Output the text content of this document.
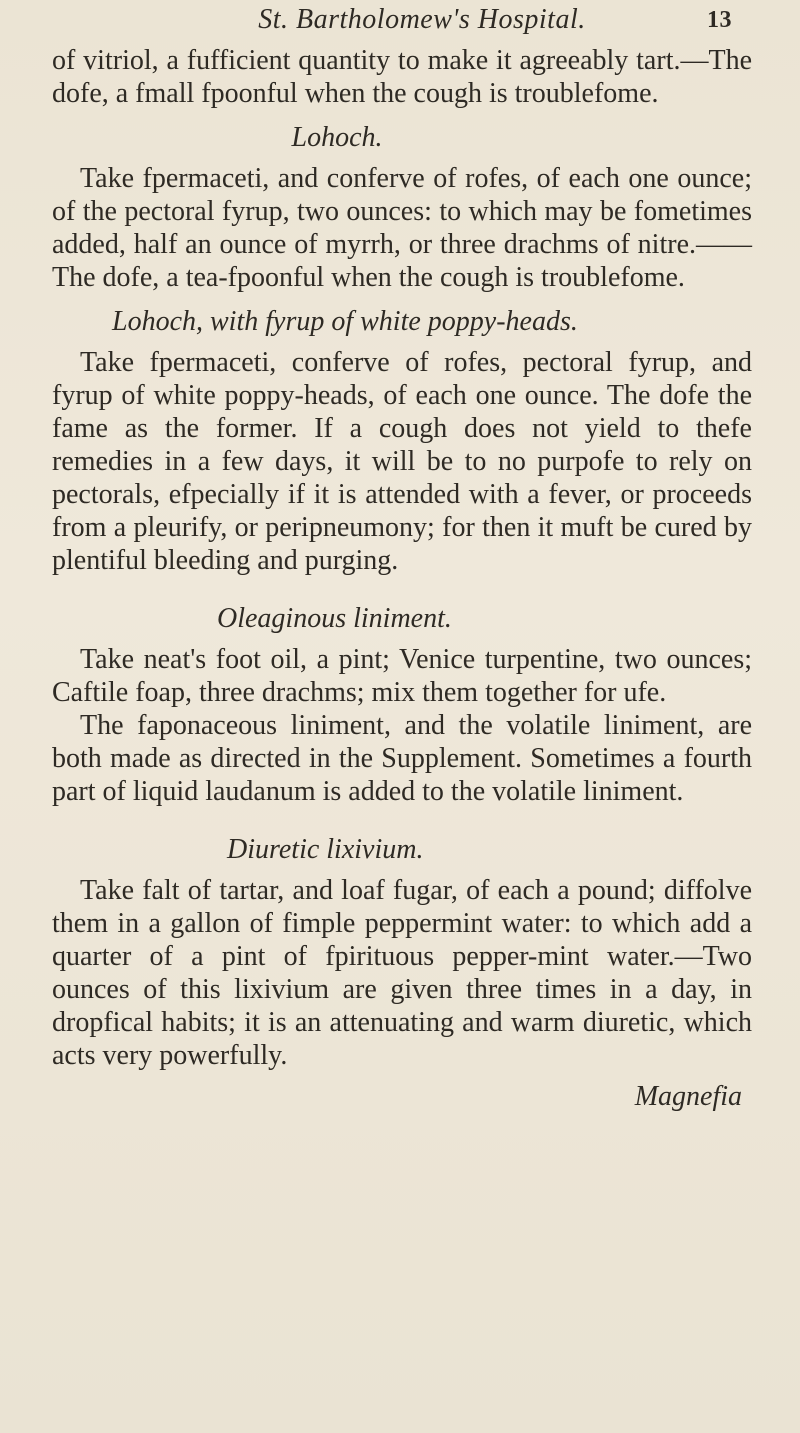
St. Bartholomew's Hospital.	13

of vitriol, a fufficient quantity to make it agreeably tart.—The dofe, a fmall fpoonful when the cough is troublefome.

Lohoch.

Take fpermaceti, and conferve of rofes, of each one ounce; of the pectoral fyrup, two ounces: to which may be fometimes added, half an ounce of myrrh, or three drachms of nitre.——The dofe, a tea-fpoonful when the cough is troublefome.

Lohoch, with fyrup of white poppy-heads.

Take fpermaceti, conferve of rofes, pectoral fyrup, and fyrup of white poppy-heads, of each one ounce. The dofe the fame as the former. If a cough does not yield to thefe remedies in a few days, it will be to no purpofe to rely on pectorals, efpecially if it is attended with a fever, or proceeds from a pleurify, or peripneumony; for then it muft be cured by plentiful bleeding and purging.

Oleaginous liniment.

Take neat's foot oil, a pint; Venice turpentine, two ounces; Caftile foap, three drachms; mix them together for ufe.

The faponaceous liniment, and the volatile liniment, are both made as directed in the Supplement. Sometimes a fourth part of liquid laudanum is added to the volatile liniment.

Diuretic lixivium.

Take falt of tartar, and loaf fugar, of each a pound; diffolve them in a gallon of fimple peppermint water: to which add a quarter of a pint of fpirituous pepper-mint water.—Two ounces of this lixivium are given three times in a day, in dropfical habits; it is an attenuating and warm diuretic, which acts very powerfully.

Magnefia
